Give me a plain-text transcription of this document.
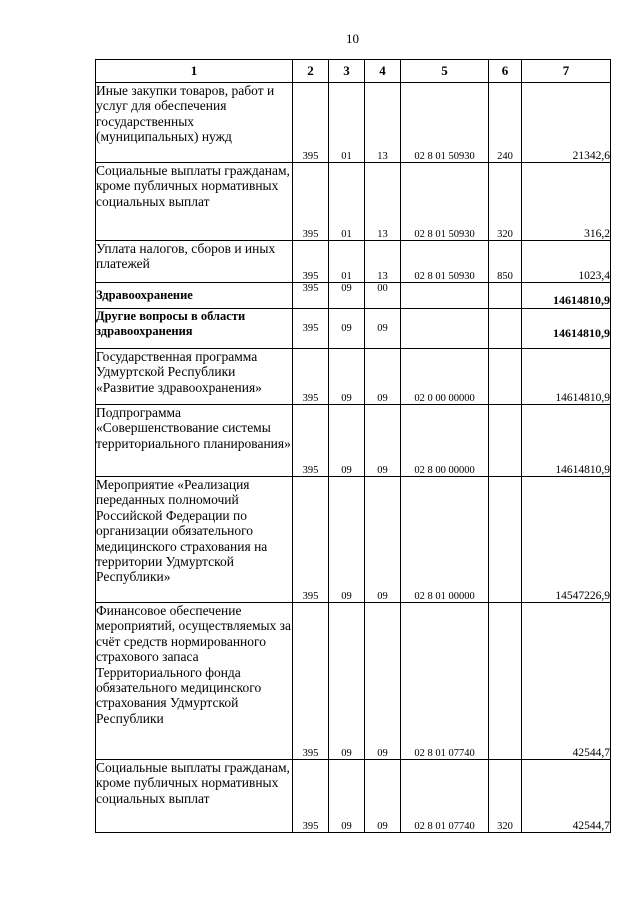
10
1	2	3	4	5	6	7
Иные закупки товаров, работ и услуг для обеспечения государственных (муниципальных) нужд	395	01	13	02 8 01 50930	240	21342,6
Социальные выплаты гражданам, кроме публичных нормативных социальных выплат	395	01	13	02 8 01 50930	320	316,2
Уплата налогов, сборов и иных платежей	395	01	13	02 8 01 50930	850	1023,4
Здравоохранение	395	09	00			14614810,9
Другие вопросы в области здравоохранения	395	09	09			14614810,9
Государственная программа Удмуртской Республики «Развитие здравоохранения»	395	09	09	02 0 00 00000		14614810,9
Подпрограмма «Совершенствование системы территориального планирования»	395	09	09	02 8 00 00000		14614810,9
Мероприятие «Реализация переданных полномочий Российской Федерации по организации обязательного медицинского страхования на территории Удмуртской Республики»	395	09	09	02 8 01 00000		14547226,9
Финансовое обеспечение мероприятий, осуществляемых за счёт средств нормированного страхового запаса Территориального фонда обязательного медицинского страхования Удмуртской Республики	395	09	09	02 8 01 07740		42544,7
Социальные выплаты гражданам, кроме публичных нормативных социальных выплат	395	09	09	02 8 01 07740	320	42544,7
